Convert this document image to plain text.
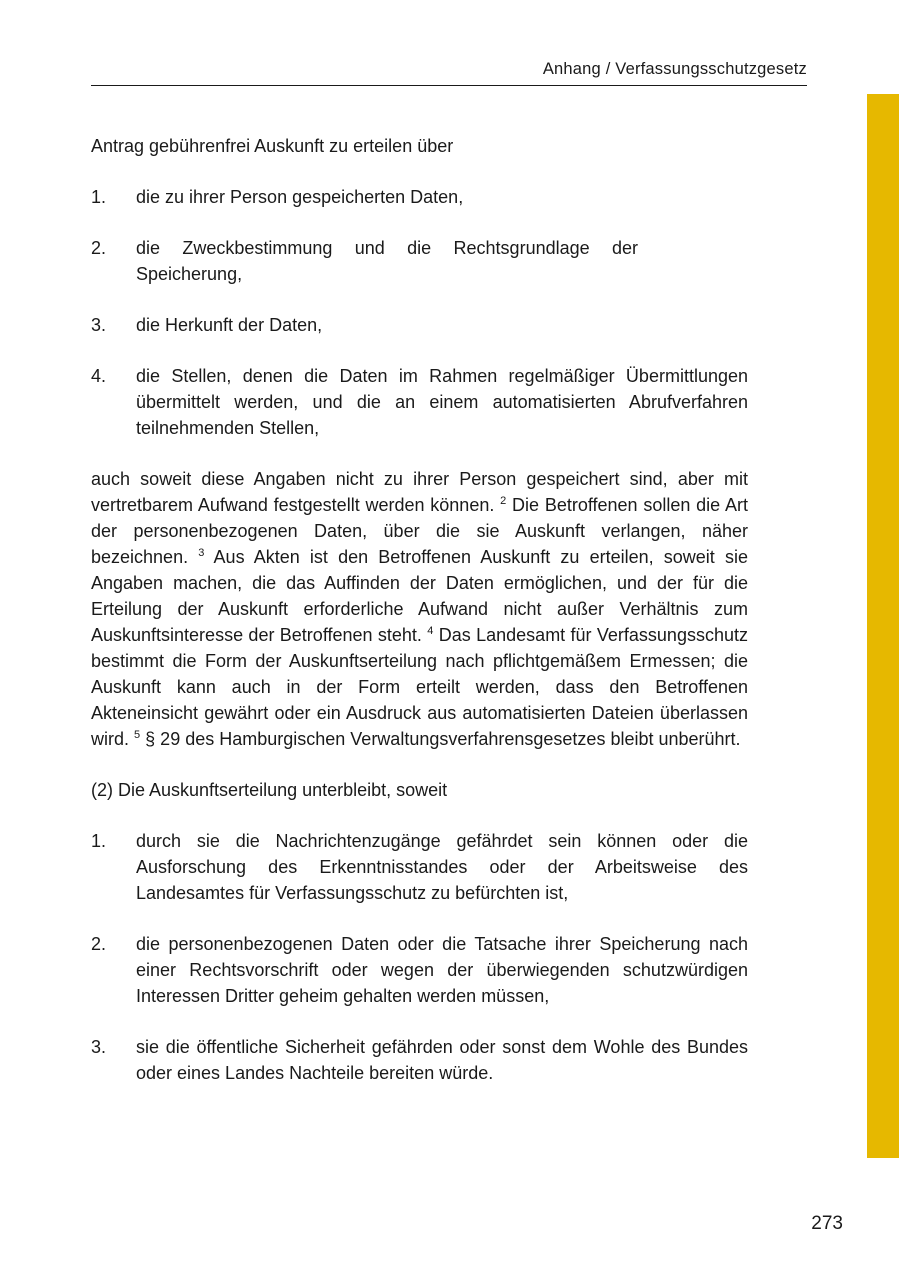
Anhang / Verfassungsschutzgesetz

Antrag gebührenfrei Auskunft zu erteilen über

1.	die zu ihrer Person gespeicherten Daten,
2.	die Zweckbestimmung und die Rechtsgrundlage der Speicherung,
3.	die Herkunft der Daten,
4.	die Stellen, denen die Daten im Rahmen regelmäßiger Übermittlungen übermittelt werden, und die an einem automatisierten Abrufverfahren teilnehmenden Stellen,

auch soweit diese Angaben nicht zu ihrer Person gespeichert sind, aber mit vertretbarem Aufwand festgestellt werden können. $^2$ Die Betroffenen sollen die Art der personenbezogenen Daten, über die sie Auskunft verlangen, näher bezeichnen. $^3$ Aus Akten ist den Betroffenen Auskunft zu erteilen, soweit sie Angaben machen, die das Auffinden der Daten ermöglichen, und der für die Erteilung der Auskunft erforderliche Aufwand nicht außer Verhältnis zum Auskunftsinteresse der Betroffenen steht. $^4$ Das Landesamt für Verfassungsschutz bestimmt die Form der Auskunftserteilung nach pflichtgemäßem Ermessen; die Auskunft kann auch in der Form erteilt werden, dass den Betroffenen Akteneinsicht gewährt oder ein Ausdruck aus automatisierten Dateien überlassen wird. $^5$ § 29 des Hamburgischen Verwaltungsverfahrensgesetzes bleibt unberührt.

(2) Die Auskunftserteilung unterbleibt, soweit

1.	durch sie die Nachrichtenzugänge gefährdet sein können oder die Ausforschung des Erkenntnisstandes oder der Arbeitsweise des Landesamtes für Verfassungsschutz zu befürchten ist,
2.	die personenbezogenen Daten oder die Tatsache ihrer Speicherung nach einer Rechtsvorschrift oder wegen der überwiegenden schutzwürdigen Interessen Dritter geheim gehalten werden müssen,
3.	sie die öffentliche Sicherheit gefährden oder sonst dem Wohle des Bundes oder eines Landes Nachteile bereiten würde.
273
